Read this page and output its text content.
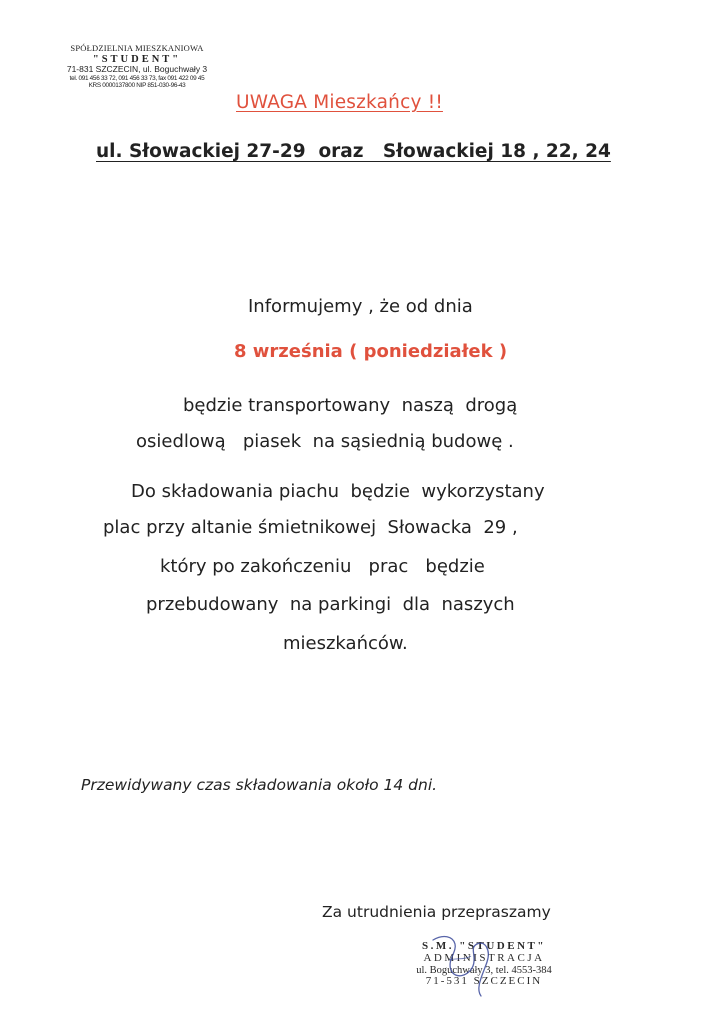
SPÓŁDZIELNIA MIESZKANIOWA
"STUDENT"
71-831 SZCZECIN, ul. Boguchwały 3
tel. 091 456 33 72, 091 456 33 73, fax 091 422 09 45
KRS 0000137800 NIP 851-030-96-43
UWAGA Mieszkańcy !!
ul. Słowackiej 27-29  oraz   Słowackiej 18 , 22, 24
Informujemy , że od dnia
8 września ( poniedziałek )
będzie transportowany  naszą  drogą
osiedlową   piasek  na sąsiednią budowę .
Do składowania piachu  będzie  wykorzystany
plac przy altanie śmietnikowej  Słowacka  29 ,
który po zakończeniu   prac   będzie
przebudowany  na parkingi  dla  naszych
mieszkańców.
Przewidywany czas składowania około 14 dni.
Za utrudnienia przepraszamy
S.M. "STUDENT"
ADMINISTRACJA
ul. Boguchwały 3, tel. 4553-384
71-531 SZCZECIN
